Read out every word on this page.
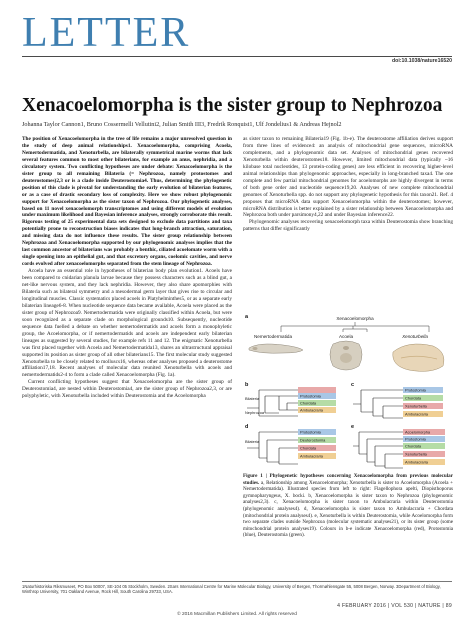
LETTER
doi:10.1038/nature16520
Xenacoelomorpha is the sister group to Nephrozoa
Johanna Taylor Cannon1, Bruno Cossermelli Vellutini2, Julian Smith III3, Fredrik Ronquist1, Ulf Jondelius1 & Andreas Hejnol2

The position of Xenacoelomorpha in the tree of life remains a major unresolved question in the study of deep animal relationships1. Xenacoelomorpha, comprising Acoela, Nemertodermatida, and Xenoturbella, are bilaterally symmetrical marine worms that lack several features common to most other bilaterians, for example an anus, nephridia, and a circulatory system. Two conflicting hypotheses are under debate: Xenacoelomorpha is the sister group to all remaining Bilateria (= Nephrozoa, namely protostomes and deuterostomes)2,3 or is a clade inside Deuterostomia4. Thus, determining the phylogenetic position of this clade is pivotal for understanding the early evolution of bilaterian features, or as a case of drastic secondary loss of complexity. Here we show robust phylogenomic support for Xenacoelomorpha as the sister taxon of Nephrozoa. Our phylogenetic analyses, based on 11 novel xenacoelomorph transcriptomes and using different models of evolution under maximum likelihood and Bayesian inference analyses, strongly corroborate this result. Rigorous testing of 25 experimental data sets designed to exclude data partitions and taxa potentially prone to reconstruction biases indicates that long-branch attraction, saturation, and missing data do not influence these results. The sister group relationship between Nephrozoa and Xenacoelomorpha supported by our phylogenomic analyses implies that the last common ancestor of bilaterians was probably a benthic, ciliated acoelomate worm with a single opening into an epithelial gut, and that excretory organs, coelomic cavities, and nerve cords evolved after xenacoelomorphs separated from the stem lineage of Nephrozoa.

Acoela have an essential role in hypotheses of bilaterian body plan evolution1. Acoels have been compared to cnidarian planula larvae because they possess characters such as a blind gut, a net-like nervous system, and they lack nephridia. However, they also share apomorphies with Bilateria such as bilateral symmetry and a mesodermal germ layer that gives rise to circular and longitudinal muscles. Classic systematics placed acoels in Platyhelminthes5, or as a separate early bilaterian lineage6-8. When nucleotide sequence data became available, Acoela were placed as the sister group of Nephrozoa9. Nemertodermatida were originally classified within Acoela, but were soon recognized as a separate clade on morphological grounds10. Subsequently, nucleotide sequence data fuelled a debate on whether nemertodermatids and acoels form a monophyletic group, the Acoelomorpha, or if nemertodermatids and acoels are independent early bilaterian lineages as suggested by several studies, for example refs 11 and 12. The enigmatic Xenoturbella was first placed together with Acoela and Nemertodermatida13, shares an ultrastructural appraisal supported its position as sister group of all other bilaterians15. The first molecular study suggested Xenoturbella to be closely related to molluscs16, whereas other analyses proposed a deuterostome affiliation17,18. Recent analyses of molecular data reunited Xenoturbella with acoels and nemertodermatids2-4 to form a clade called Xenacoelomorpha (Fig. 1a).

Current conflicting hypotheses suggest that Xenacoelomorpha are the sister group of Deuterostomia4, are nested within Deuterostomia4, are the sister group of Nephrozoa2,3, or are polyphyletic, with Xenoturbella included within Deuterostomia and the Acoelomorpha

as sister taxon to remaining Bilateria19 (Fig. 1b-e). The deuterostome affiliation derives support from three lines of evidence4: an analysis of mitochondrial gene sequences, microRNA complements, and a phylogenomic data set. Analyses of mitochondrial genes recovered Xenoturbella within deuterostomes18. However, limited mitochondrial data (typically ~16 kilobase total nucleotides, 13 protein-coding genes) are less efficient in recovering higher-level animal relationships than phylogenomic approaches, especially in long-branched taxa4. The one complete and few partial mitochondrial genomes for acoelomorphs are highly divergent in terms of both gene order and nucleotide sequence19,20. Analyses of new complete mitochondrial genomes of Xenoturbella spp. do not support any phylogenetic hypothesis for this taxon21. Ref. 4 proposes that microRNA data support Xenacoelomorpha within the deuterostomes; however, microRNA distribution is better explained by a sister relationship between Xenacoelomorpha and Nephrozoa both under parsimony4,22 and under Bayesian inference22.

Phylogenomic analyses recovering xenacoelomorph taxa within Deuterostomia show branching patterns that differ significantly

a	Xenacoelomorpha
Nemertodermatida	Acoela	Xenoturbella
b
Bilateria
Nephrozoa
Protostomia
Chordata
Ambulacraria
c
Protostomia
Chordata
Xenoturbella
Ambulacraria
d
Bilateria
Protostomia
Deuterostomia
Chordata
Ambulacraria
e
Acoelomorpha
Protostomia
Chordata
Xenoturbella
Ambulacraria
Figure 1 | Phylogenetic hypotheses concerning Xenacoelomorpha from previous molecular studies. a, Relationship among Xenacoelomorpha; Xenoturbella is sister to Acoelomorpha (Acoela + Nemertodermatida). Illustrated species from left to right: Flagellophora apelti, Diopisthoporus gymnopharyngeus, X. bocki. b, Xenacoelomorpha is sister taxon to Nephrozoa (phylogenomic analyses2,3). c, Xenacoelomorpha is sister taxon to Ambulacraria within Deuterostomia (phylogenomic analyses4). d, Xenacoelomorpha is sister taxon to Ambulacraria + Chordata (mitochondrial protein analyses4). e, Xenoturbella is within Deuterostomia, while Acoelomorpha form two separate clades outside Nephrozoa (molecular systematic analyses21), or its sister group (some mitochondrial protein analyses19). Colours in b-e indicate Xenacoelomorpha (red), Protostomia (blue), Deuterostomia (green).
1Naturhistoriska Riksmuseet, PO Box 50007, SE-104 05 Stockholm, Sweden. 2Sars International Centre for Marine Molecular Biology, University of Bergen, Thormøhlensgate 55, 5008 Bergen, Norway. 3Department of Biology, Winthrop University, 701 Oakland Avenue, Rock Hill, South Carolina 29733, USA.
4 FEBRUARY 2016 | VOL 530 | NATURE | 89
© 2016 Macmillan Publishers Limited. All rights reserved
